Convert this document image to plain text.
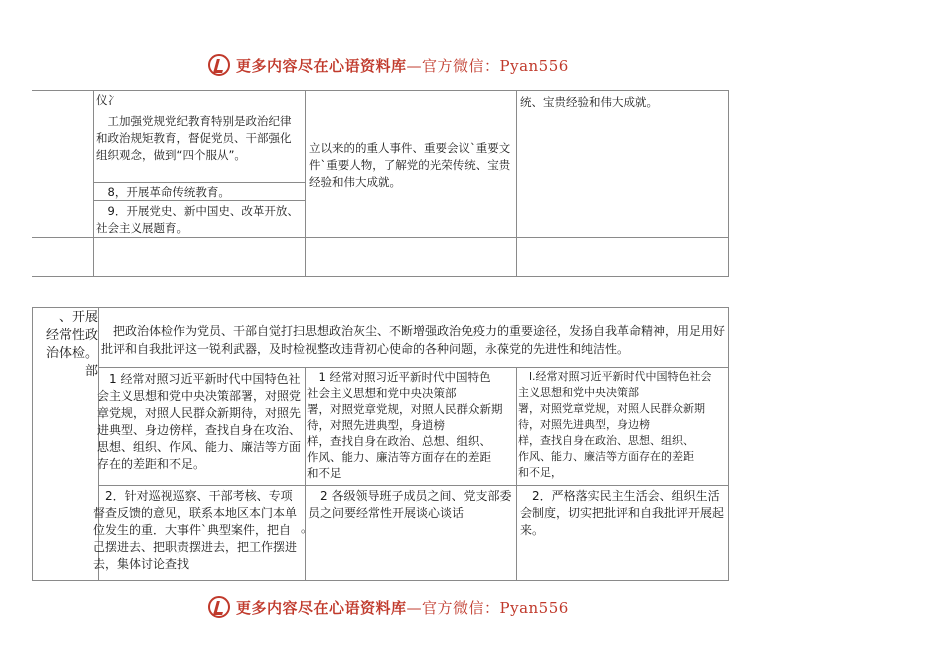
更多内容尽在心语资料库—官方微信：Pyan556
仪冫
工加强党规党纪教育特别是政治纪律和政治规矩教育，督促党员、干部强化组织观念，做到“四个服从”。
8，开展革命传统教育。
9．开展党史、新中国史、改革开放、社会主义展题育。
立以来的的重人事件、重要会议`重要文件`重要人物，了解党的光荣传统、宝贵经验和伟大成就。
统、宝贵经验和伟大成就。
、开展
经常性政
治体检。部
把政治体检作为党员、干部自觉打扫思想政治灰尘、不断增强政治免疫力的重要途径，发扬自我革命精神，用足用好批评和自我批评这一锐利武器，及时检视整改违背初心使命的各种问题，永葆党的先进性和纯洁性。
1 经常对照习近平新时代中国特色社会主义思想和党中央决策部署，对照党章党规，对照人民群众新期待，对照先进典型、身边傍样，查找自身在攻治、思想、组织、作风、能力、廉洁等方面存在的差距和不足。
1 经常对照习近平新时代中国特色
社会主义思想和党中央决策部
署，对照党章党规，对照人民群众新期
待，对照先进典型，身逍榜
样，查找自身在政治、总想、组织、
作风、能力、廉洁等方面存在的差距
和不足
l.经常对照习近平新时代中国特色社会
主义思想和党中央决策部
署，对照党章党规，对照人民群众新期
待，对照先进典型，身边榜
样，查找自身在政治、思想、组织、
作风、能力、廉洁等方面存在的差距
和不足，
2．针对巡视巡察、干部考核、专项督查反馈的意见，联系本地区本门本单位发生的重．大事件`典型案件，把自己摆进去、把职责摆进去，把工作摆进去，集体讨论查找
2 各级领导班子成员之间、党支部委员之问要经常性开展谈心谈话
。
2．严格落实民主生活会、组织生活会制度，切实把批评和自我批评开展起来。
更多内容尽在心语资料库—官方微信：Pyan556
